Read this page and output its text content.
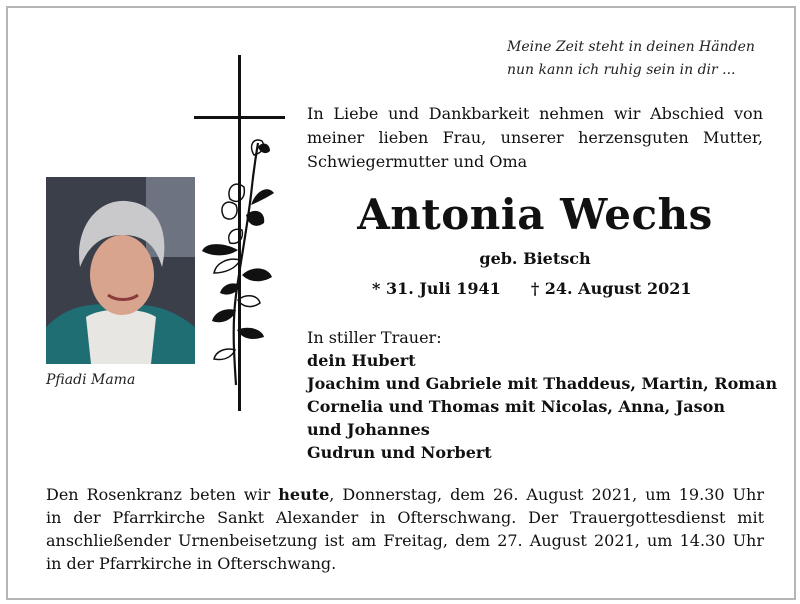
Meine Zeit steht in deinen Händen
nun kann ich ruhig sein in dir ...
In Liebe und Dankbarkeit nehmen wir Abschied von
meiner lieben Frau, unserer herzensguten Mutter,
Schwiegermutter und Oma
Pfiadi Mama
Antonia Wechs
geb. Bietsch
* 31. Juli 1941 † 24. August 2021
In stiller Trauer:
dein Hubert
Joachim und Gabriele mit Thaddeus, Martin, Roman
Cornelia und Thomas mit Nicolas, Anna, Jason
und Johannes
Gudrun und Norbert
Den Rosenkranz beten wir heute, Donnerstag, dem 26. August 2021, um 19.30 Uhr
in der Pfarrkirche Sankt Alexander in Ofterschwang. Der Trauergottesdienst mit
anschließender Urnenbeisetzung ist am Freitag, dem 27. August 2021, um 14.30 Uhr
in der Pfarrkirche in Ofterschwang.
